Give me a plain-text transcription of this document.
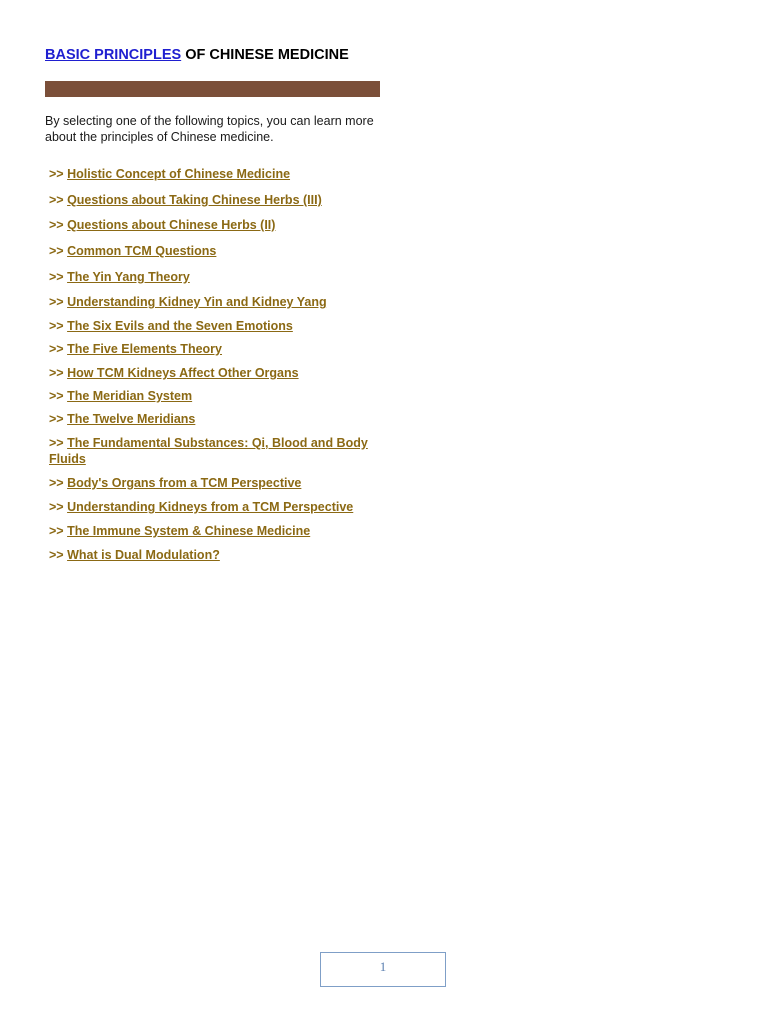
BASIC PRINCIPLES OF CHINESE MEDICINE
By selecting one of the following topics, you can learn more about the principles of Chinese medicine.
>> Holistic Concept of Chinese Medicine
>> Questions about Taking Chinese Herbs (III)
>> Questions about Chinese Herbs (II)
>> Common TCM Questions
>> The Yin Yang Theory
>> Understanding Kidney Yin and Kidney Yang
>> The Six Evils and the Seven Emotions
>> The Five Elements Theory
>> How TCM Kidneys Affect Other Organs
>> The Meridian System
>> The Twelve Meridians
>> The Fundamental Substances: Qi, Blood and Body Fluids
>> Body's Organs from a TCM Perspective
>> Understanding Kidneys from a TCM Perspective
>> The Immune System & Chinese Medicine
>> What is Dual Modulation?
1
